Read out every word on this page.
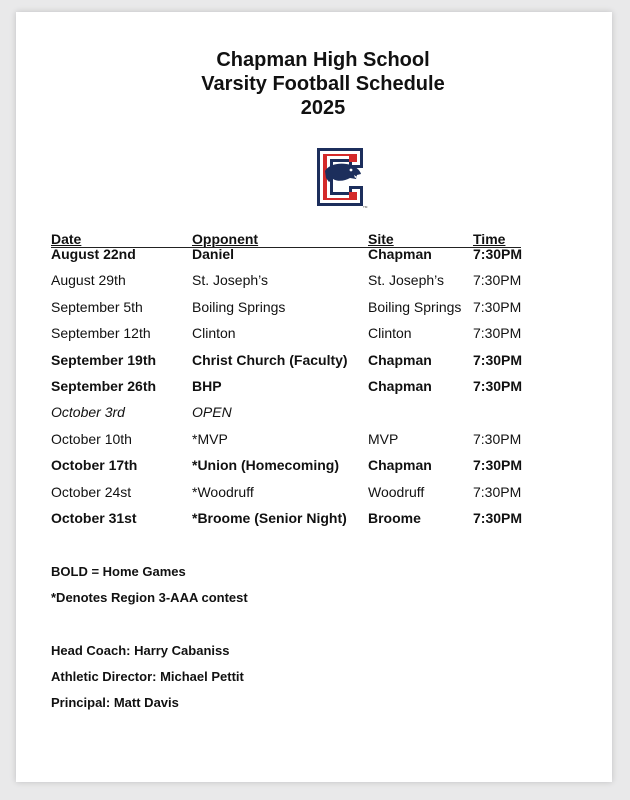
Chapman High School
Varsity Football Schedule
2025
TM
Date	Opponent	Site	Time
August 22nd	Daniel	Chapman	7:30PM
August 29th	St. Joseph’s	St. Joseph’s 7:30PM
September 5th	Boiling Springs	Boiling Springs 7:30PM
September 12th	Clinton	Clinton	7:30PM
September 19th	Christ Church (Faculty) Chapman	7:30PM
September 26th	BHP	Chapman	7:30PM
October 3rd	OPEN
October 10th	*MVP	MVP	7:30PM
October 17th	*Union (Homecoming) Chapman	7:30PM
October 24st	*Woodruff	Woodruff	7:30PM
October 31st	*Broome (Senior Night) Broome	7:30PM
BOLD = Home Games
*Denotes Region 3-AAA contest
Head Coach: Harry Cabaniss
Athletic Director: Michael Pettit
Principal: Matt Davis
